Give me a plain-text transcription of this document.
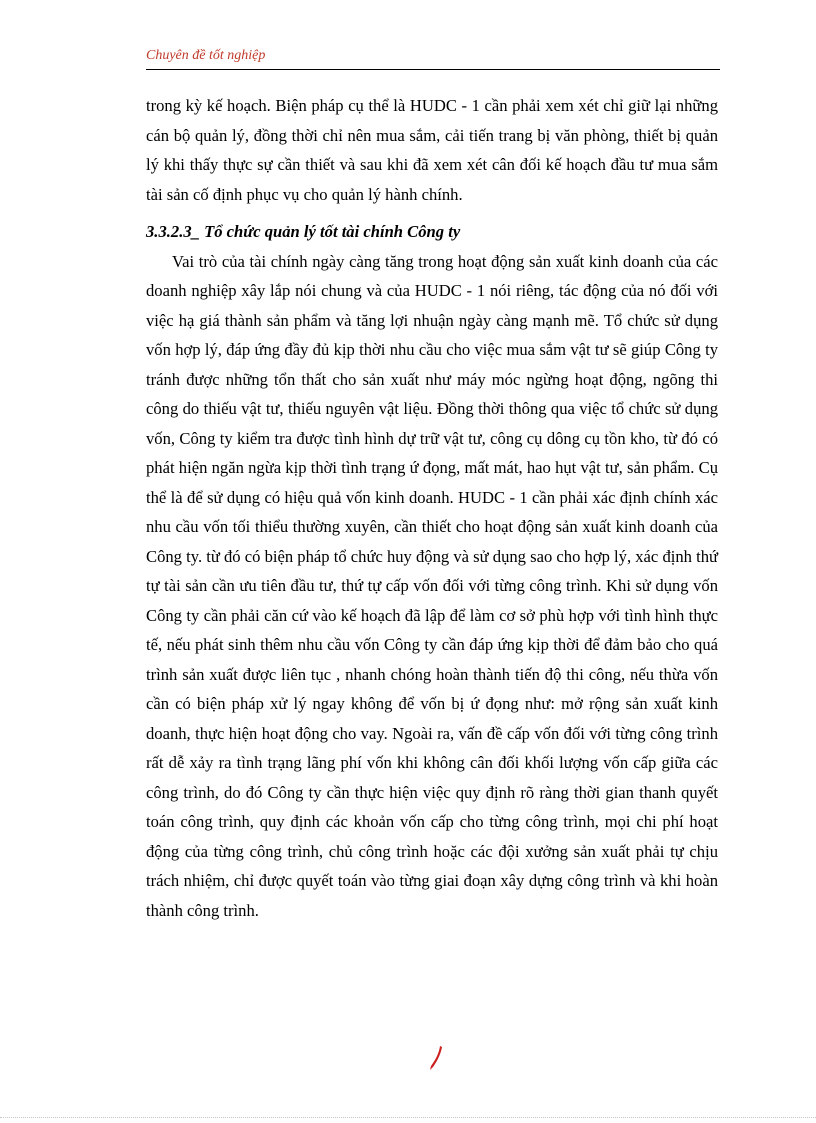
Chuyên đề tốt nghiệp

trong kỳ kế hoạch. Biện pháp cụ thể là HUDC - 1 cần phải xem xét chỉ giữ lại những cán bộ quản lý, đồng thời chỉ nên mua sắm, cải tiến trang bị văn phòng, thiết bị quản lý khi thấy thực sự cần thiết và sau khi đã xem xét cân đối kế hoạch đầu tư mua sắm tài sản cố định phục vụ cho quản lý hành chính.

3.3.2.3_ Tổ chức quản lý tốt tài chính Công ty

Vai trò của tài chính ngày càng tăng trong hoạt động sản xuất kinh doanh của các doanh nghiệp xây lắp nói chung và của HUDC - 1 nói riêng, tác động của nó đối với việc hạ giá thành sản phẩm và tăng lợi nhuận ngày càng mạnh mẽ. Tổ chức sử dụng vốn hợp lý, đáp ứng đầy đủ kịp thời nhu cầu cho việc mua sắm vật tư sẽ giúp Công ty tránh được những tổn thất cho sản xuất như máy móc ngừng hoạt động, ngõng thi công do thiếu vật tư, thiếu nguyên vật liệu. Đồng thời thông qua việc tổ chức sử dụng vốn, Công ty kiểm tra được tình hình dự trữ vật tư, công cụ dông cụ tồn kho, từ đó có phát hiện ngăn ngừa kịp thời tình trạng ứ đọng, mất mát, hao hụt vật tư, sản phẩm. Cụ thể là để sử dụng có hiệu quả vốn kinh doanh. HUDC - 1 cần phải xác định chính xác nhu cầu vốn tối thiểu thường xuyên, cần thiết cho hoạt động sản xuất kinh doanh của Công ty. từ đó có biện pháp tổ chức huy động và sử dụng sao cho hợp lý, xác định thứ tự tài sản cần ưu tiên đầu tư, thứ tự cấp vốn đối với từng công trình. Khi sử dụng vốn Công ty cần phải căn cứ vào kế hoạch đã lập để làm cơ sở phù hợp với tình hình thực tế, nếu phát sinh thêm nhu cầu vốn Công ty cần đáp ứng kịp thời để đảm bảo cho quá trình sản xuất được liên tục , nhanh chóng hoàn thành tiến độ thi công, nếu thừa vốn cần có biện pháp xử lý ngay không để vốn bị ứ đọng như: mở rộng sản xuất kinh doanh, thực hiện hoạt động cho vay. Ngoài ra, vấn đề cấp vốn đối với từng công trình rất dễ xảy ra tình trạng lãng phí vốn khi không cân đối khối lượng vốn cấp giữa các công trình, do đó Công ty cần thực hiện việc quy định rõ ràng thời gian thanh quyết toán công trình, quy định các khoản vốn cấp cho từng công trình, mọi chi phí hoạt động của từng công trình, chủ công trình hoặc các đội xưởng sản xuất phải tự chịu trách nhiệm, chỉ được quyết toán vào từng giai đoạn xây dựng công trình và khi hoàn thành công trình.
